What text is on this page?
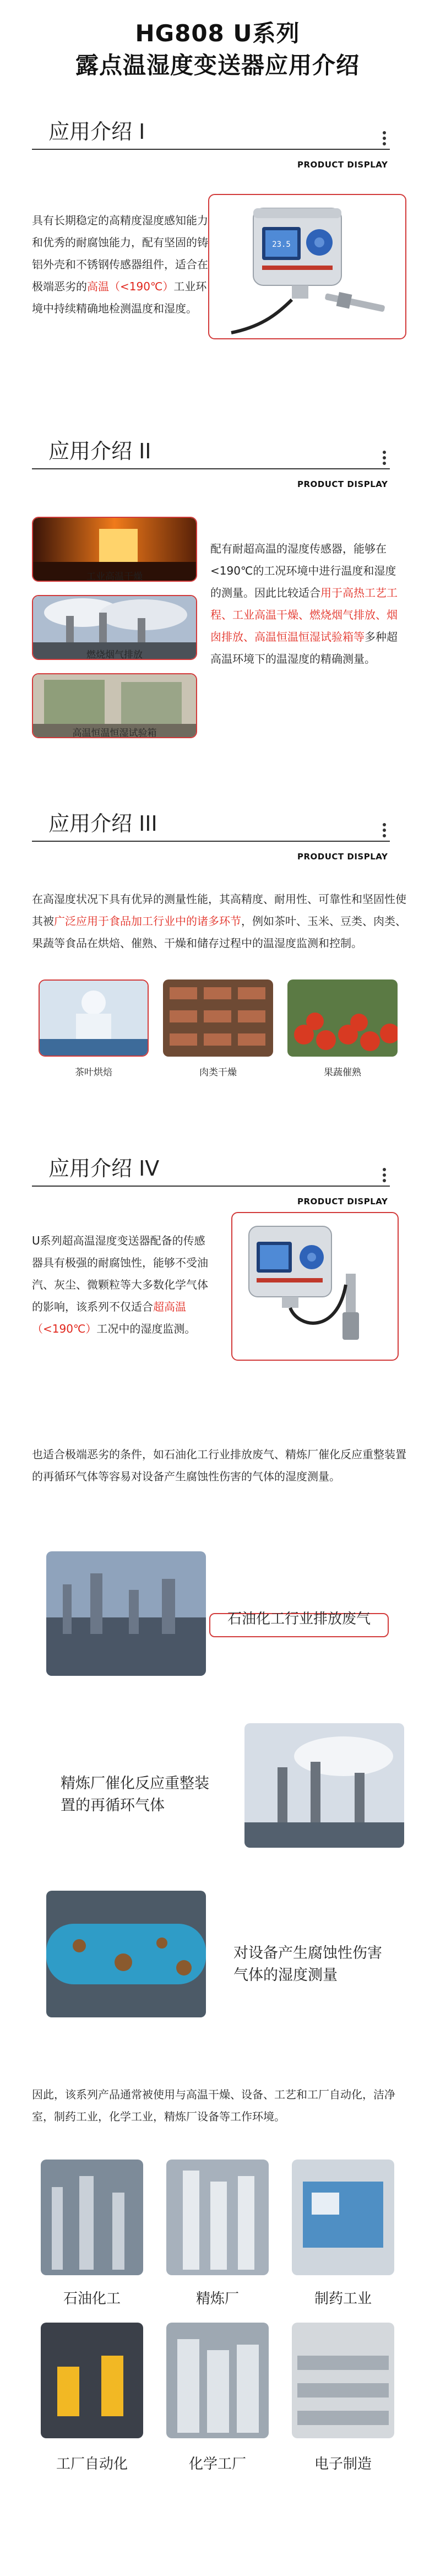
HG808 U系列
露点温湿度变送器应用介绍
应用介绍 I
PRODUCT DISPLAY
具有长期稳定的高精度湿度感知能力和优秀的耐腐蚀能力，配有坚固的铸铝外壳和不锈钢传感器组件，适合在极端恶劣的高温（<190℃）工业环境中持续精确地检测温度和湿度。
23.5
应用介绍 II
PRODUCT DISPLAY
工业高温干燥
燃烧烟气排放
高温恒温恒湿试验箱
配有耐超高温的湿度传感器，能够在<190℃的工况环境中进行温度和湿度的测量。因此比较适合用于高热工艺工程、工业高温干燥、燃烧烟气排放、烟囱排放、高温恒温恒湿试验箱等多种超高温环境下的温湿度的精确测量。
应用介绍 III
PRODUCT DISPLAY
在高湿度状况下具有优异的测量性能，其高精度、耐用性、可靠性和坚固性使其被广泛应用于食品加工行业中的诸多环节，例如茶叶、玉米、豆类、肉类、果蔬等食品在烘焙、催熟、干燥和储存过程中的温湿度监测和控制。
茶叶烘焙	肉类干燥	果蔬催熟
应用介绍 IV
PRODUCT DISPLAY
U系列超高温湿度变送器配备的传感器具有极强的耐腐蚀性，能够不受油汽、灰尘、微颗粒等大多数化学气体的影响，该系列不仅适合超高温（<190℃）工况中的湿度监测。
也适合极端恶劣的条件，如石油化工行业排放废气、精炼厂催化反应重整装置的再循环气体等容易对设备产生腐蚀性伤害的气体的湿度测量。
石油化工行业排放废气
精炼厂催化反应重整装
置的再循环气体
对设备产生腐蚀性伤害
气体的湿度测量
因此，该系列产品通常被使用与高温干燥、设备、工艺和工厂自动化，洁净室，制药工业，化学工业，精炼厂设备等工作环境。
石油化工	精炼厂	制药工业
工厂自动化	化学工厂	电子制造
